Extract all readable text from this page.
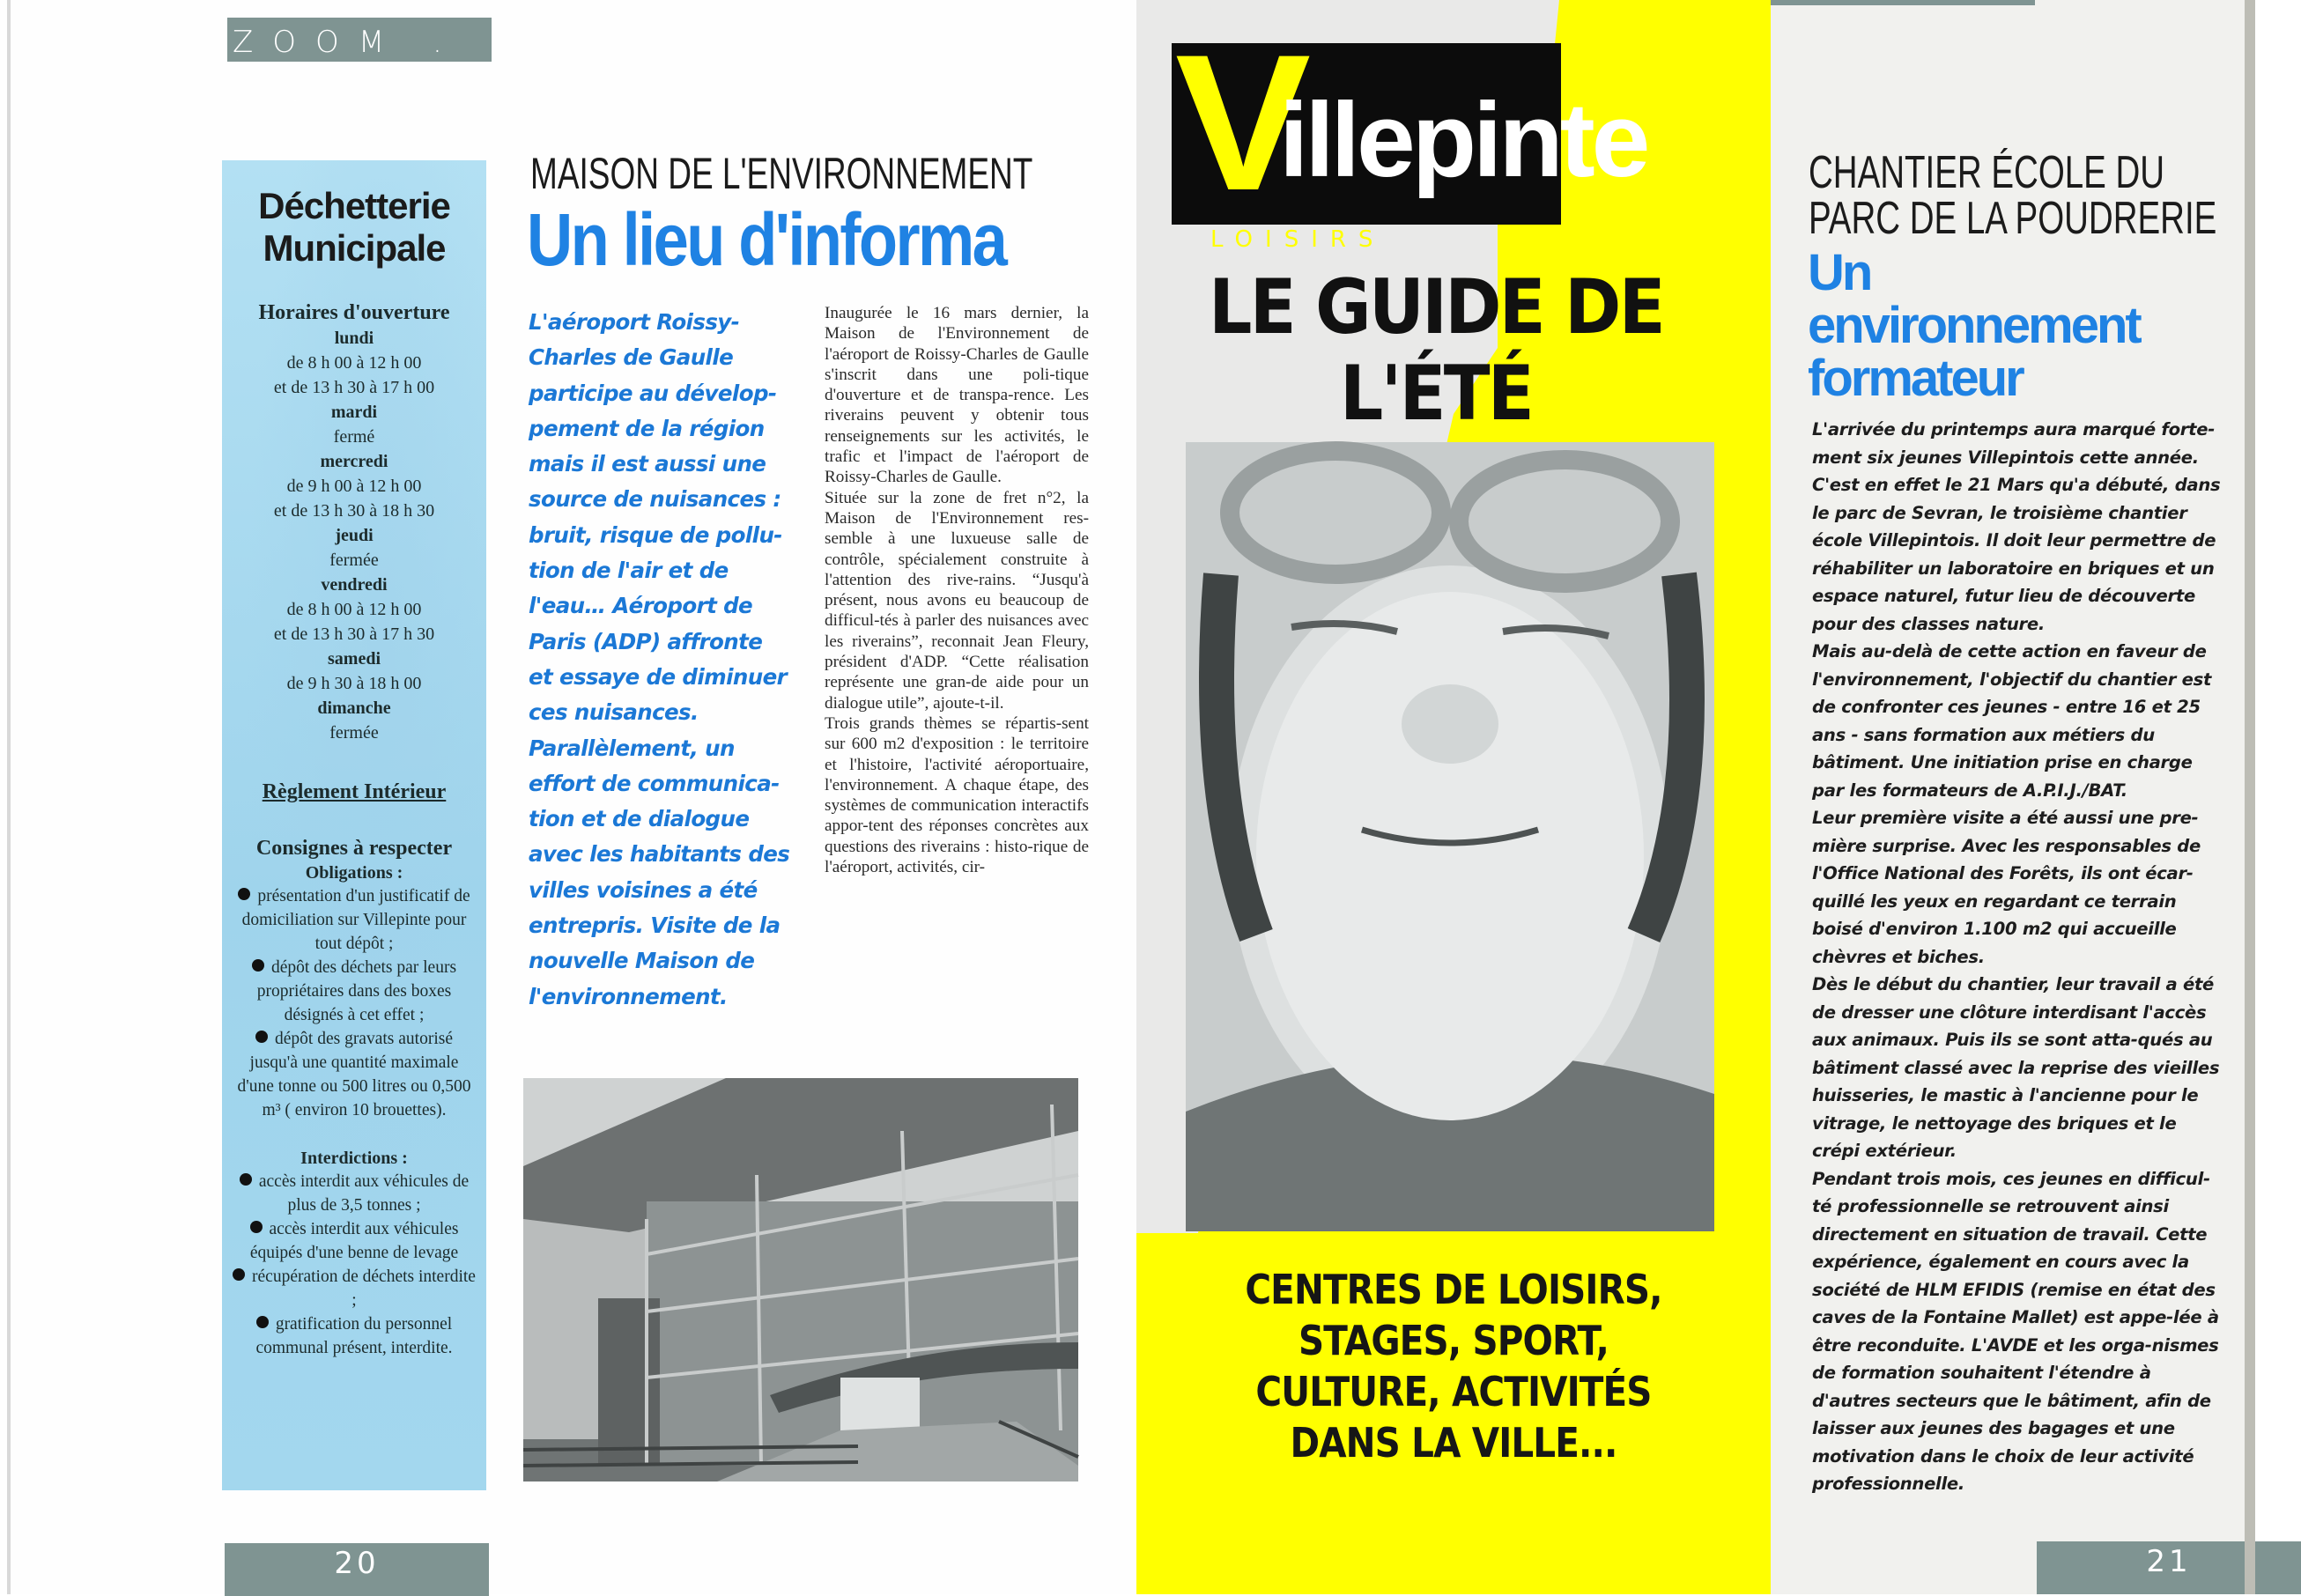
ZOOM . . .
Déchetterie
Municipale
Horaires d'ouverture
lundi
de 8 h 00 à 12 h 00
et de 13 h 30 à 17 h 00
mardi
fermé
mercredi
de 9 h 00 à 12 h 00
et de 13 h 30 à 18 h 30
jeudi
fermée
vendredi
de 8 h 00 à 12 h 00
et de 13 h 30 à 17 h 30
samedi
de 9 h 30 à 18 h 00
dimanche
fermée
Règlement Intérieur
Consignes à respecter
Obligations :
présentation d'un justificatif de domiciliation sur Villepinte pour tout dépôt ;
dépôt des déchets par leurs propriétaires dans des boxes désignés à cet effet ;
dépôt des gravats autorisé jusqu'à une quantité maximale d'une tonne ou 500 litres ou 0,500 m³ ( environ 10 brouettes).
Interdictions :
accès interdit aux véhicules de plus de 3,5 tonnes ;
accès interdit aux véhicules équipés d'une benne de levage
récupération de déchets interdite ;
gratification du personnel communal présent, interdite.
MAISON DE L'ENVIRONNEMENT
Un lieu d'informa

L'aéroport Roissy-Charles de Gaulle participe au dévelop-pement de la région mais il est aussi une source de nuisances : bruit, risque de pollu-tion de l'air et de l'eau… Aéroport de Paris (ADP) affronte et essaye de diminuer ces nuisances.

Parallèlement, un effort de communica-tion et de dialogue avec les habitants des villes voisines a été entrepris. Visite de la nouvelle Maison de l'environnement.

Inaugurée le 16 mars dernier, la Maison de l'Environnement de l'aéroport de Roissy-Charles de Gaulle s'inscrit dans une poli-tique d'ouverture et de transpa-rence. Les riverains peuvent y obtenir tous renseignements sur les activités, le trafic et l'impact de l'aéroport de Roissy-Charles de Gaulle.

Située sur la zone de fret n°2, la Maison de l'Environnement res-semble à une luxueuse salle de contrôle, spécialement construite à l'attention des rive-rains. “Jusqu'à présent, nous avons eu beaucoup de difficul-tés à parler des nuisances avec les riverains”, reconnait Jean Fleury, président d'ADP. “Cette réalisation représente une gran-de aide pour un dialogue utile”, ajoute-t-il.

Trois grands thèmes se répartis-sent sur 600 m2 d'exposition : le territoire et l'histoire, l'activité aéroportuaire, l'environnement. A chaque étape, des systèmes de communication interactifs appor-tent des réponses concrètes aux questions des riverains : histo-rique de l'aéroport, activités, cir-

20
V
illepinte
LOISIRS
LE GUIDE DE
L'ÉTÉ
CENTRES DE LOISIRS,
STAGES, SPORT,
CULTURE, ACTIVITÉS
DANS LA VILLE...
CHANTIER ÉCOLE DU
PARC DE LA POUDRERIE
Un
environnement
formateur

L'arrivée du printemps aura marqué forte-ment six jeunes Villepintois cette année. C'est en effet le 21 Mars qu'a débuté, dans le parc de Sevran, le troisième chantier école Villepintois. Il doit leur permettre de réhabiliter un laboratoire en briques et un espace naturel, futur lieu de découverte pour des classes nature.

Mais au-delà de cette action en faveur de l'environnement, l'objectif du chantier est de confronter ces jeunes - entre 16 et 25 ans - sans formation aux métiers du bâtiment. Une initiation prise en charge par les formateurs de A.P.I.J./BAT.

Leur première visite a été aussi une pre-mière surprise. Avec les responsables de l'Office National des Forêts, ils ont écar-quillé les yeux en regardant ce terrain boisé d'environ 1.100 m2 qui accueille chèvres et biches.

Dès le début du chantier, leur travail a été de dresser une clôture interdisant l'accès aux animaux. Puis ils se sont atta-qués au bâtiment classé avec la reprise des vieilles huisseries, le mastic à l'ancienne pour le vitrage, le nettoyage des briques et le crépi extérieur.

Pendant trois mois, ces jeunes en difficul-té professionnelle se retrouvent ainsi directement en situation de travail. Cette expérience, également en cours avec la société de HLM EFIDIS (remise en état des caves de la Fontaine Mallet) est appe-lée à être reconduite. L'AVDE et les orga-nismes de formation souhaitent l'étendre à d'autres secteurs que le bâtiment, afin de laisser aux jeunes des bagages et une motivation dans le choix de leur activité professionnelle.

21
